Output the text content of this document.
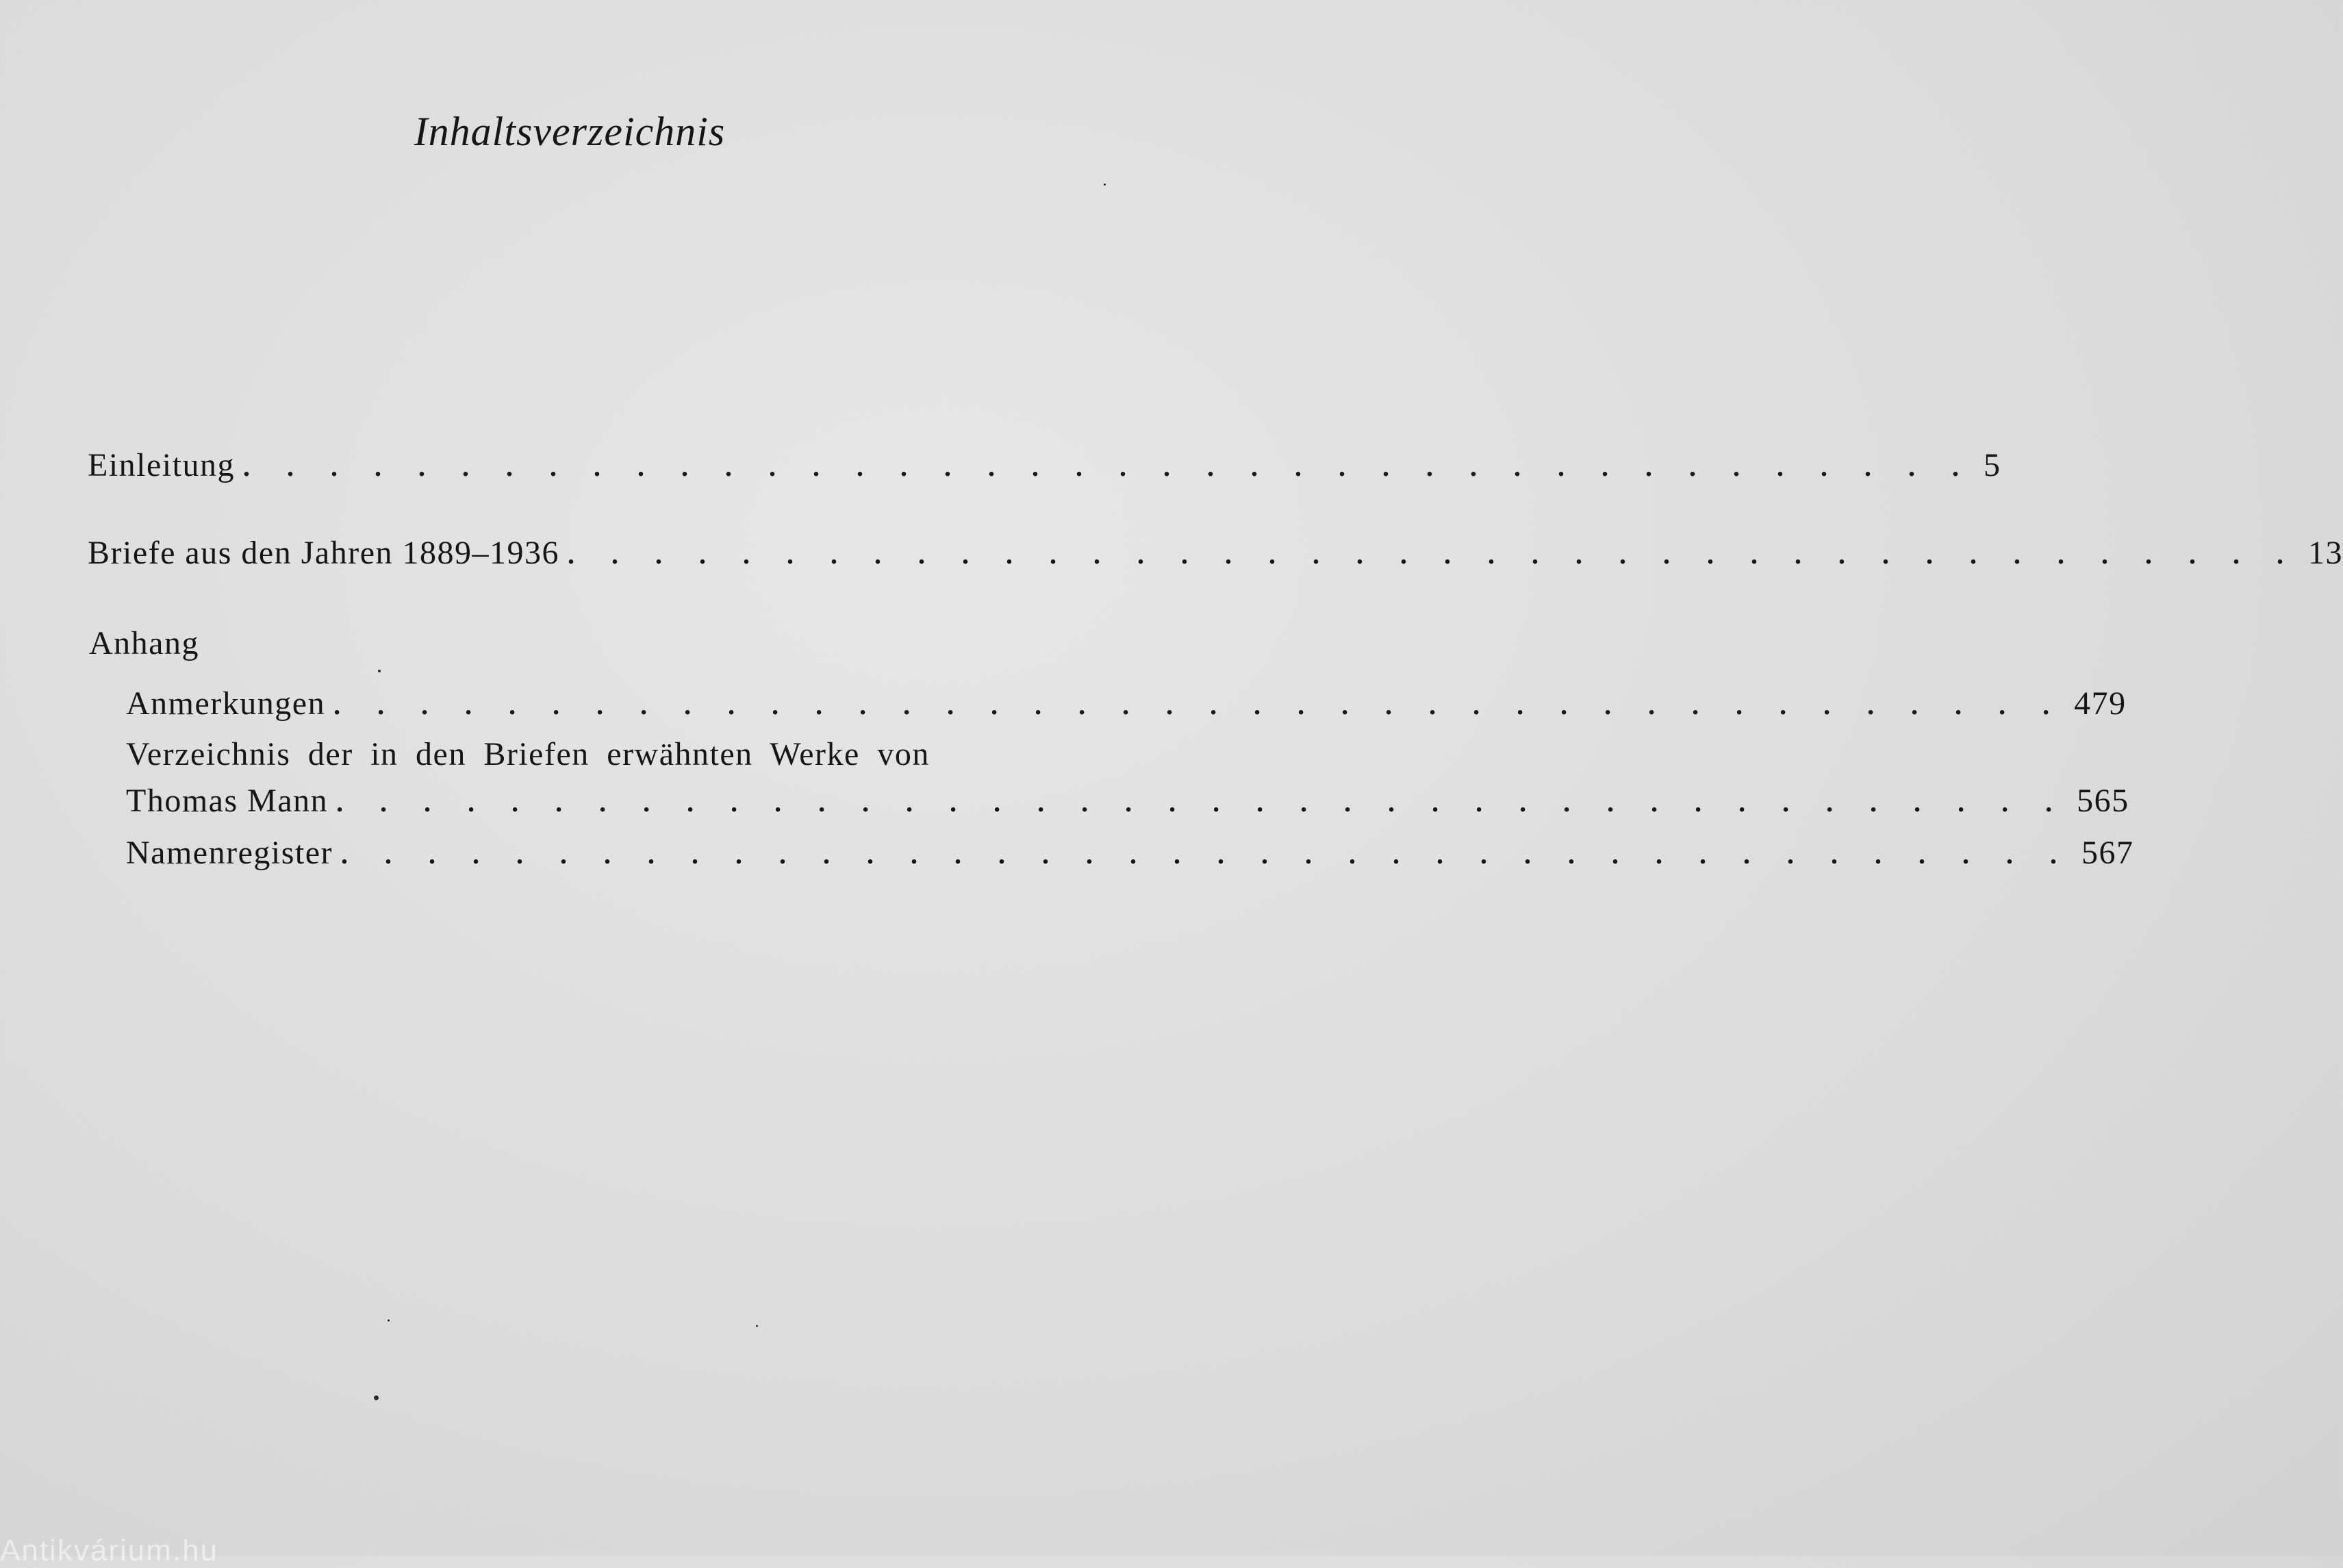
Inhaltsverzeichnis
Einleitung . . . . . . . . . . . . . . . . . . . . . . . . . . . . . . . . . . . . . . . . 5
Briefe aus den Jahren 1889–1936 . . . . . . . . . . . . . . . . . . . . . . . . . . . . . . . . . . . . . . . . 13
Anhang
Anmerkungen . . . . . . . . . . . . . . . . . . . . . . . . . . . . . . . . . . . . . . . . 479
Verzeichnis der in den Briefen erwähnten Werke von
Thomas Mann . . . . . . . . . . . . . . . . . . . . . . . . . . . . . . . . . . . . . . . . 565
Namenregister . . . . . . . . . . . . . . . . . . . . . . . . . . . . . . . . . . . . . . . . 567
Antikvárium.hu
